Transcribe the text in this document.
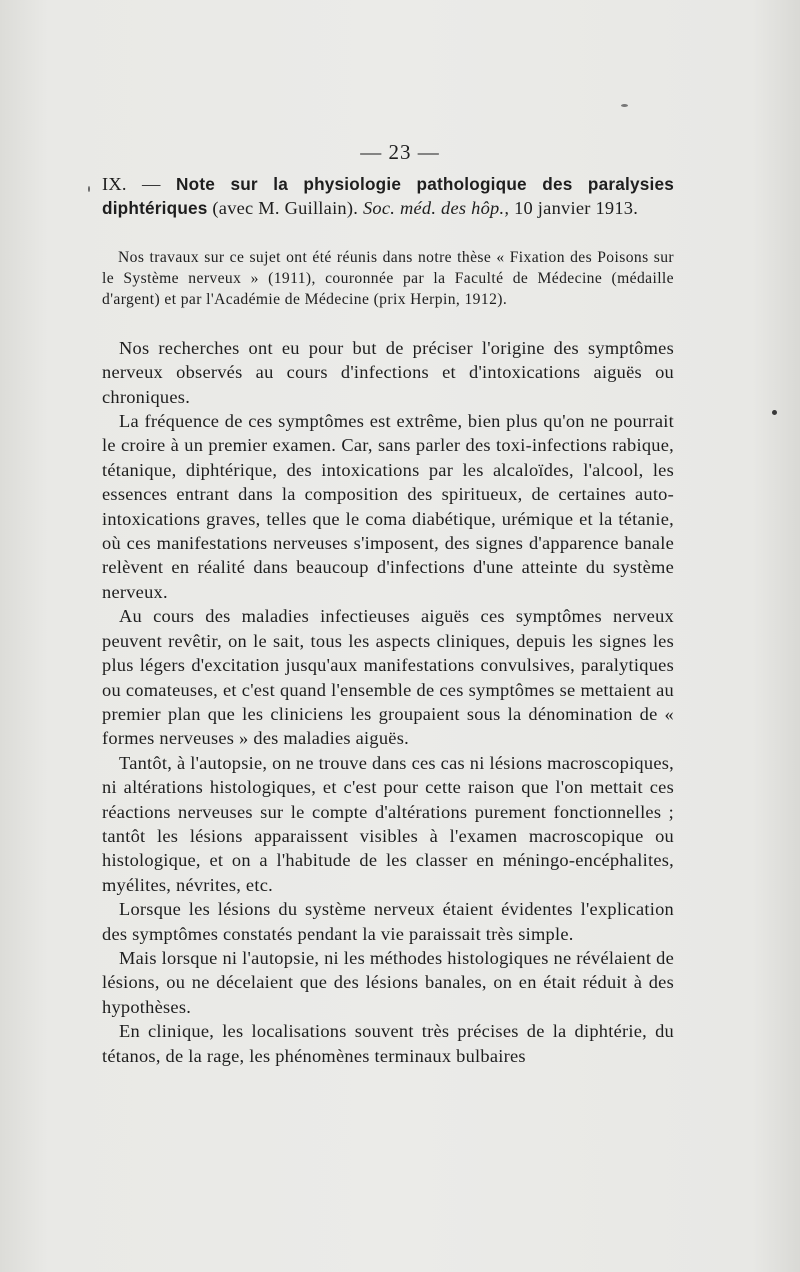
— 23 —

IX. — Note sur la physiologie pathologique des paralysies diphtériques (avec M. Guillain). Soc. méd. des hôp., 10 janvier 1913.

Nos travaux sur ce sujet ont été réunis dans notre thèse « Fixation des Poisons sur le Système nerveux » (1911), couronnée par la Faculté de Médecine (médaille d'argent) et par l'Académie de Médecine (prix Herpin, 1912).

Nos recherches ont eu pour but de préciser l'origine des symptômes nerveux observés au cours d'infections et d'intoxications aiguës ou chroniques.

La fréquence de ces symptômes est extrême, bien plus qu'on ne pourrait le croire à un premier examen. Car, sans parler des toxi-infections rabique, tétanique, diphtérique, des intoxications par les alcaloïdes, l'alcool, les essences entrant dans la composition des spiritueux, de certaines auto-intoxications graves, telles que le coma diabétique, urémique et la tétanie, où ces manifestations nerveuses s'imposent, des signes d'apparence banale relèvent en réalité dans beaucoup d'infections d'une atteinte du système nerveux.

Au cours des maladies infectieuses aiguës ces symptômes nerveux peuvent revêtir, on le sait, tous les aspects cliniques, depuis les signes les plus légers d'excitation jusqu'aux manifestations convulsives, paralytiques ou comateuses, et c'est quand l'ensemble de ces symptômes se mettaient au premier plan que les cliniciens les groupaient sous la dénomination de « formes nerveuses » des maladies aiguës.

Tantôt, à l'autopsie, on ne trouve dans ces cas ni lésions macroscopiques, ni altérations histologiques, et c'est pour cette raison que l'on mettait ces réactions nerveuses sur le compte d'altérations purement fonctionnelles ; tantôt les lésions apparaissent visibles à l'examen macroscopique ou histologique, et on a l'habitude de les classer en méningo-encéphalites, myélites, névrites, etc.

Lorsque les lésions du système nerveux étaient évidentes l'explication des symptômes constatés pendant la vie paraissait très simple.

Mais lorsque ni l'autopsie, ni les méthodes histologiques ne révélaient de lésions, ou ne décelaient que des lésions banales, on en était réduit à des hypothèses.

En clinique, les localisations souvent très précises de la diphtérie, du tétanos, de la rage, les phénomènes terminaux bulbaires
